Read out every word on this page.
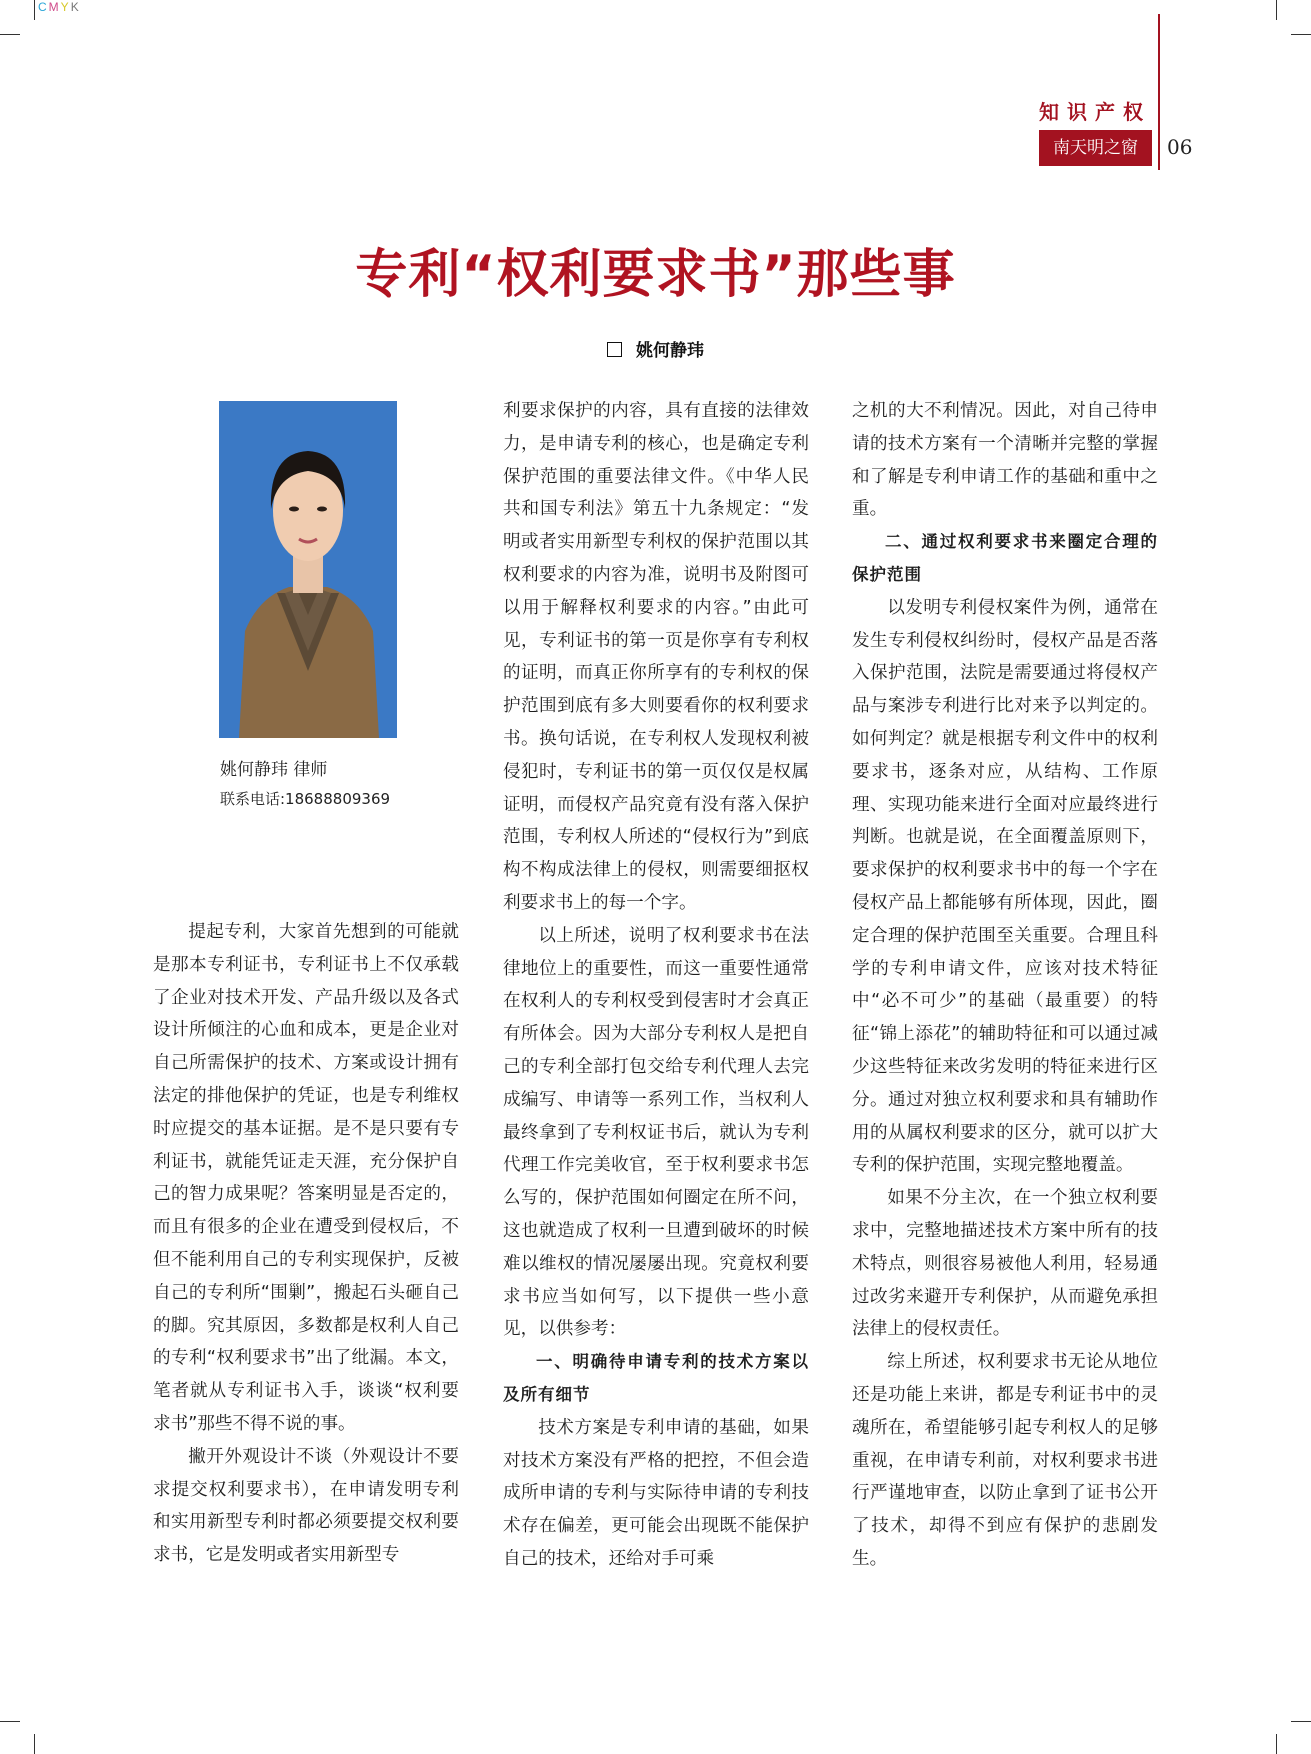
CMYK
知识产权
南天明之窗	06
专利“权利要求书”那些事
姚何静玮
姚何静玮 律师
联系电话:18688809369

提起专利，大家首先想到的可能就是那本专利证书，专利证书上不仅承载了企业对技术开发、产品升级以及各式设计所倾注的心血和成本，更是企业对自己所需保护的技术、方案或设计拥有法定的排他保护的凭证，也是专利维权时应提交的基本证据。是不是只要有专利证书，就能凭证走天涯，充分保护自己的智力成果呢？答案明显是否定的，而且有很多的企业在遭受到侵权后，不但不能利用自己的专利实现保护，反被自己的专利所“围剿”，搬起石头砸自己的脚。究其原因，多数都是权利人自己的专利“权利要求书”出了纰漏。本文，笔者就从专利证书入手，谈谈“权利要求书”那些不得不说的事。

撇开外观设计不谈（外观设计不要求提交权利要求书），在申请发明专利和实用新型专利时都必须要提交权利要求书，它是发明或者实用新型专

利要求保护的内容，具有直接的法律效力，是申请专利的核心，也是确定专利保护范围的重要法律文件。《中华人民共和国专利法》第五十九条规定：“发明或者实用新型专利权的保护范围以其权利要求的内容为准，说明书及附图可以用于解释权利要求的内容。”由此可见，专利证书的第一页是你享有专利权的证明，而真正你所享有的专利权的保护范围到底有多大则要看你的权利要求书。换句话说，在专利权人发现权利被侵犯时，专利证书的第一页仅仅是权属证明，而侵权产品究竟有没有落入保护范围，专利权人所述的“侵权行为”到底构不构成法律上的侵权，则需要细抠权利要求书上的每一个字。

以上所述，说明了权利要求书在法律地位上的重要性，而这一重要性通常在权利人的专利权受到侵害时才会真正有所体会。因为大部分专利权人是把自己的专利全部打包交给专利代理人去完成编写、申请等一系列工作，当权利人最终拿到了专利权证书后，就认为专利代理工作完美收官，至于权利要求书怎么写的，保护范围如何圈定在所不问，这也就造成了权利一旦遭到破坏的时候难以维权的情况屡屡出现。究竟权利要求书应当如何写，以下提供一些小意见，以供参考：

一、明确待申请专利的技术方案以及所有细节

技术方案是专利申请的基础，如果对技术方案没有严格的把控，不但会造成所申请的专利与实际待申请的专利技术存在偏差，更可能会出现既不能保护自己的技术，还给对手可乘

之机的大不利情况。因此，对自己待申请的技术方案有一个清晰并完整的掌握和了解是专利申请工作的基础和重中之重。

二、通过权利要求书来圈定合理的保护范围

以发明专利侵权案件为例，通常在发生专利侵权纠纷时，侵权产品是否落入保护范围，法院是需要通过将侵权产品与案涉专利进行比对来予以判定的。如何判定？就是根据专利文件中的权利要求书，逐条对应，从结构、工作原理、实现功能来进行全面对应最终进行判断。也就是说，在全面覆盖原则下，要求保护的权利要求书中的每一个字在侵权产品上都能够有所体现，因此，圈定合理的保护范围至关重要。合理且科学的专利申请文件，应该对技术特征中“必不可少”的基础（最重要）的特征“锦上添花”的辅助特征和可以通过减少这些特征来改劣发明的特征来进行区分。通过对独立权利要求和具有辅助作用的从属权利要求的区分，就可以扩大专利的保护范围，实现完整地覆盖。

如果不分主次，在一个独立权利要求中，完整地描述技术方案中所有的技术特点，则很容易被他人利用，轻易通过改劣来避开专利保护，从而避免承担法律上的侵权责任。

综上所述，权利要求书无论从地位还是功能上来讲，都是专利证书中的灵魂所在，希望能够引起专利权人的足够重视，在申请专利前，对权利要求书进行严谨地审查，以防止拿到了证书公开了技术，却得不到应有保护的悲剧发生。
